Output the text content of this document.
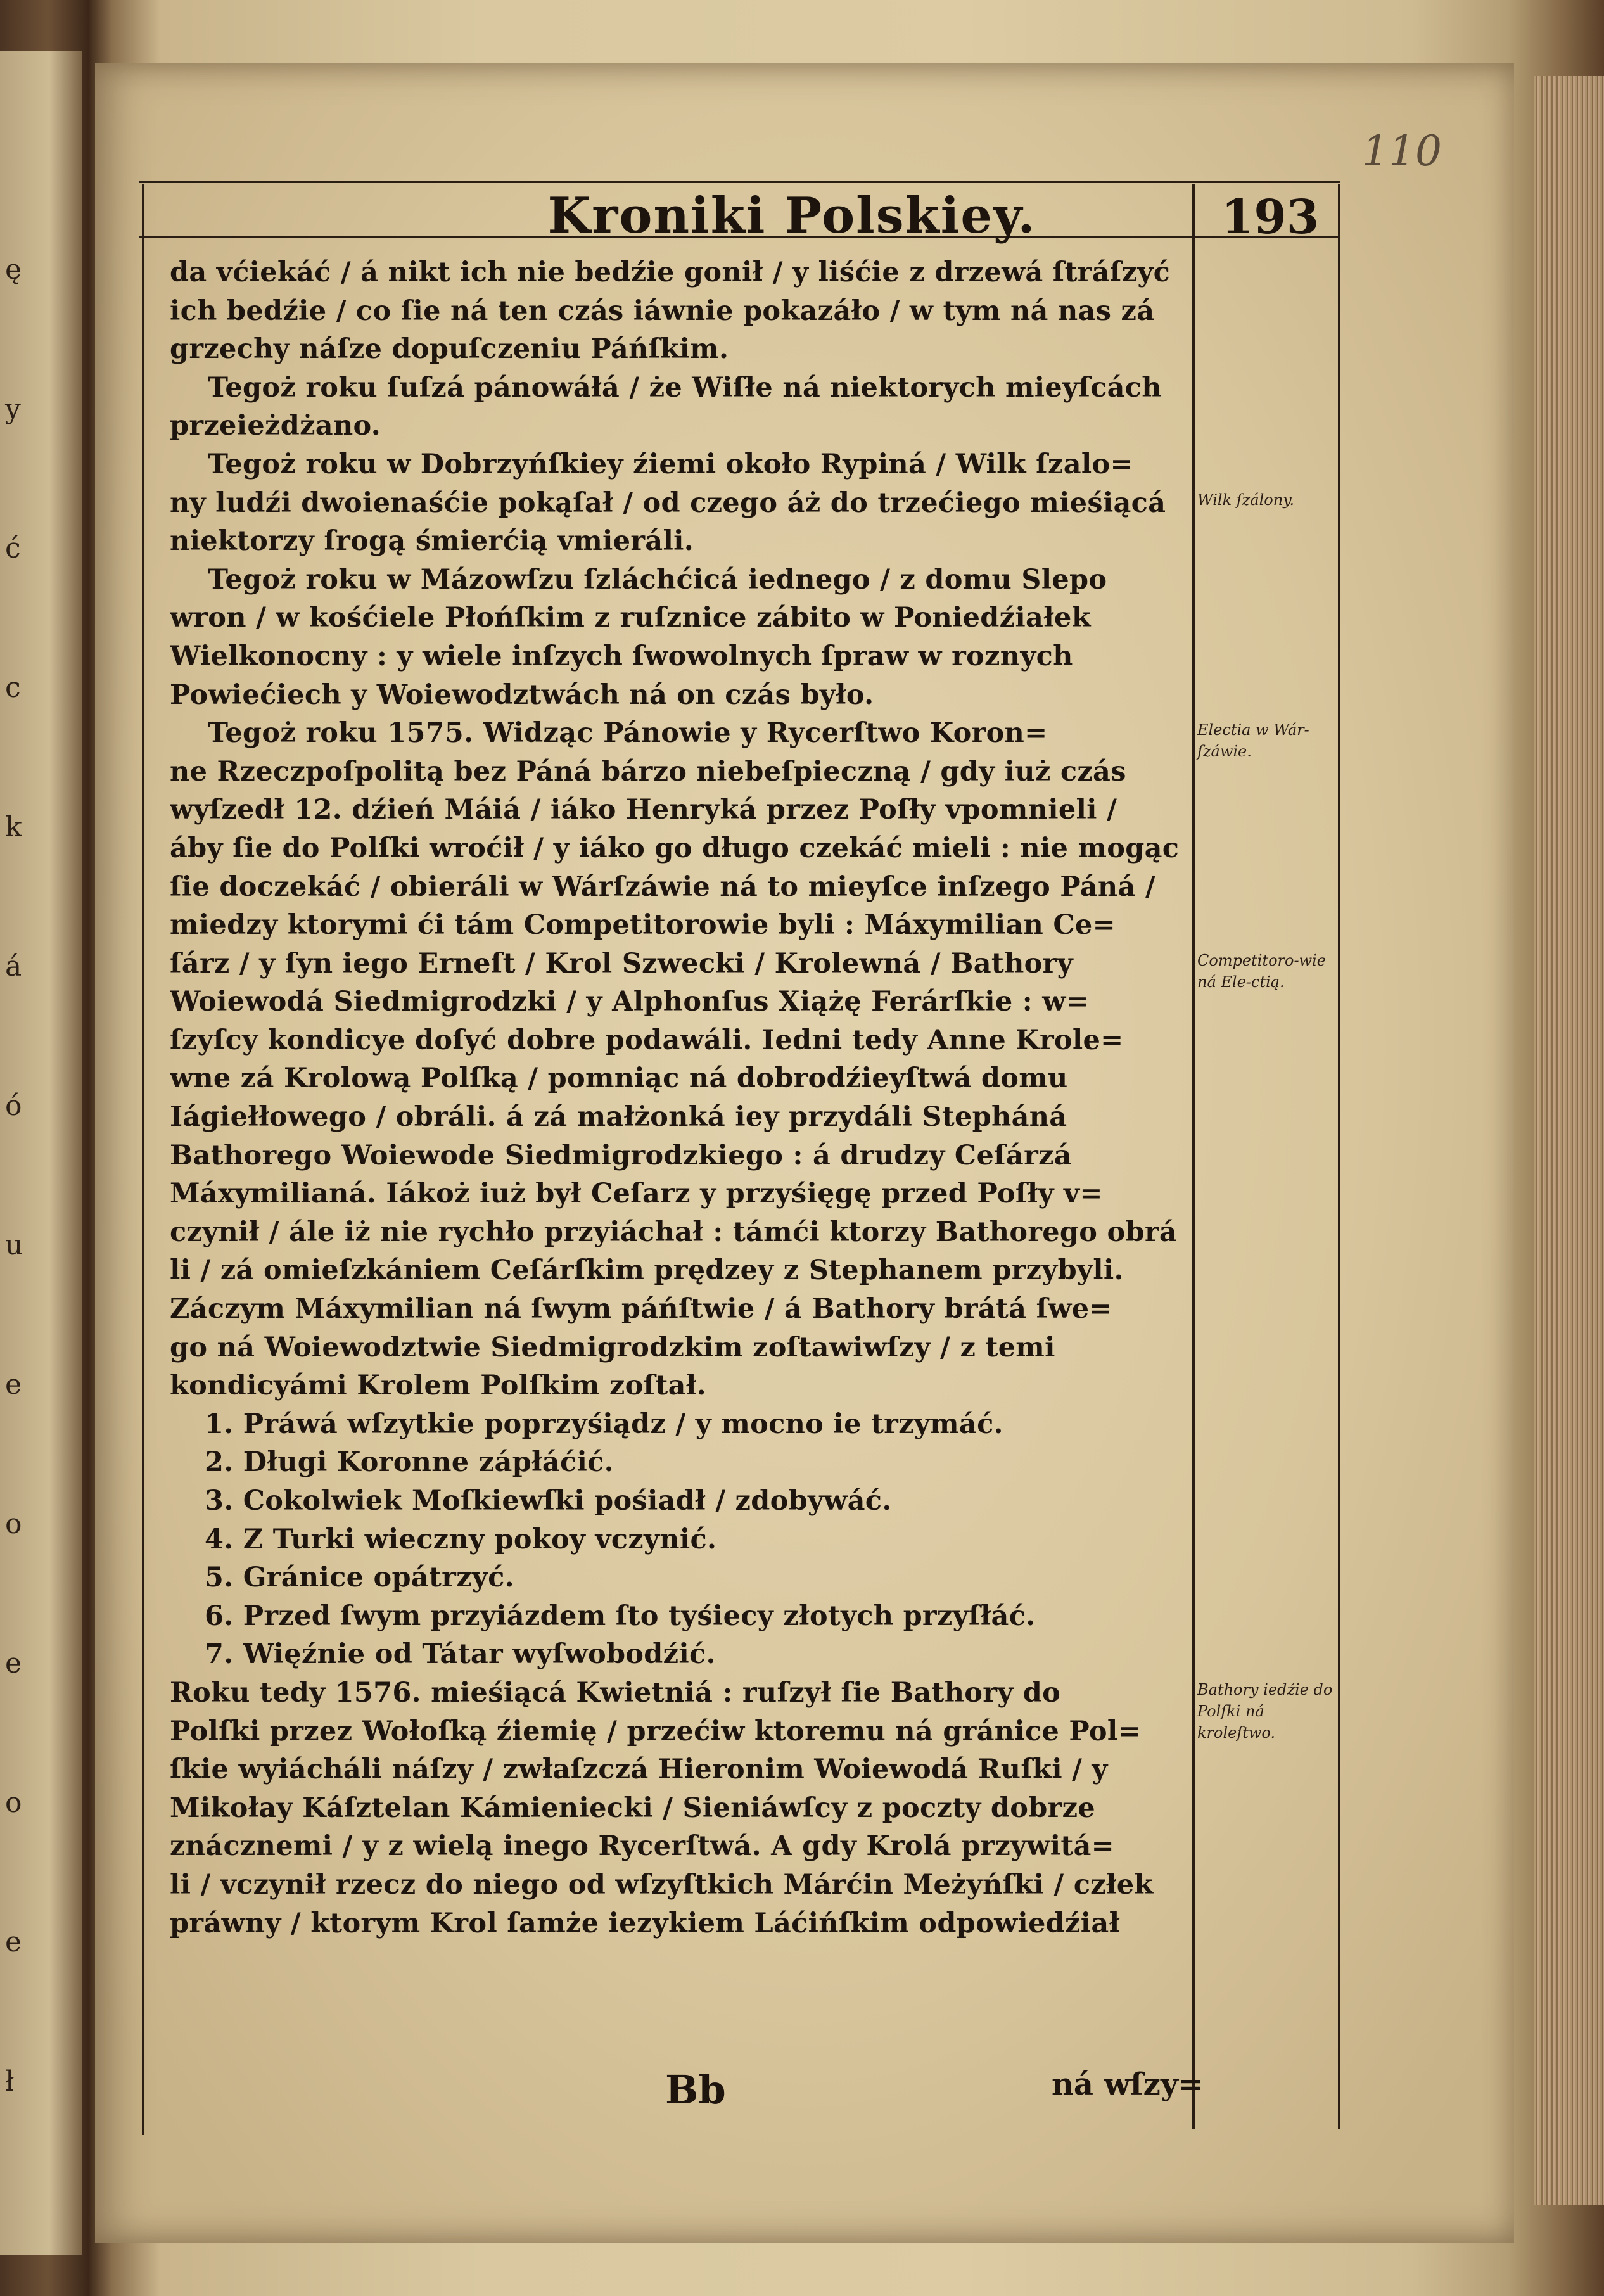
ę
y
ć
c
k
á
ó
u
e
o
e
o
e
ł
110
Kroniki Polskiey.	193
da vćiekáć / á nikt ich nie bedźie gonił / y liśćie z drzewá ſtráſzyć
ich bedźie / co ſie ná ten czás iáwnie pokazáło / w tym ná nas zá
grzechy náſze dopuſczeniu Páńſkim.
Tegoż roku ſuſzá pánowáłá / że Wiſłe ná niektorych mieyſcách
przeieżdżano.
Tegoż roku w Dobrzyńſkiey źiemi około Rypiná / Wilk ſzalo=
ny ludźi dwoienaśćie pokąſał / od czego áż do trzećiego mieśiącá
niektorzy ſrogą śmierćią vmieráli.
Tegoż roku w Mázowſzu ſzláchćicá iednego / z domu Slepo
wron / w kośćiele Płońſkim z ruſznice zábito w Poniedźiałek
Wielkonocny : y wiele inſzych ſwowolnych ſpraw w roznych
Powiećiech y Woiewodztwách ná on czás było.
Tegoż roku 1575. Widząc Pánowie y Rycerſtwo Koron=
ne Rzeczpoſpolitą bez Páná bárzo niebeſpieczną / gdy iuż czás
wyſzedł 12. dźień Máiá / iáko Henryká przez Poſły vpomnieli /
áby ſie do Polſki wroćił / y iáko go długo czekáć mieli : nie mogąc
ſie doczekáć / obieráli w Wárſzáwie ná to mieyſce inſzego Páná /
miedzy ktorymi ći tám Competitorowie byli : Máxymilian Ce=
ſárz / y ſyn iego Erneſt / Krol Szwecki / Krolewná / Bathory
Woiewodá Siedmigrodzki / y Alphonſus Xiążę Ferárſkie : w=
ſzyſcy kondicye doſyć dobre podawáli. Iedni tedy Anne Krole=
wne zá Krolową Polſką / pomniąc ná dobrodźieyſtwá domu
Iágiełłowego / obráli. á zá małżonká iey przydáli Stepháná
Bathorego Woiewode Siedmigrodzkiego : á drudzy Ceſárzá
Máxymilianá. Iákoż iuż był Ceſarz y przyśięgę przed Poſły v=
czynił / ále iż nie rychło przyiáchał : támći ktorzy Bathorego obrá
li / zá omieſzkániem Ceſárſkim prędzey z Stephanem przybyli.
Záczym Máxymilian ná ſwym páńſtwie / á Bathory brátá ſwe=
go ná Woiewodztwie Siedmigrodzkim zoſtawiwſzy / z temi
kondicyámi Krolem Polſkim zoſtał.
1. Práwá wſzytkie poprzyśiądz / y mocno ie trzymáć.
2. Długi Koronne zápłáćić.
3. Cokolwiek Moſkiewſki pośiadł / zdobywáć.
4. Z Turki wieczny pokoy vczynić.
5. Gránice opátrzyć.
6. Przed ſwym przyiázdem ſto tyśiecy złotych przyſłáć.
7. Więźnie od Tátar wyſwobodźić.
Roku tedy 1576. mieśiącá Kwietniá : ruſzył ſie Bathory do
Polſki przez Wołoſką źiemię / przećiw ktoremu ná gránice Pol=
ſkie wyiácháli náſzy / zwłaſzczá Hieronim Woiewodá Ruſki / y
Mikołay Káſztelan Kámieniecki / Sieniáwſcy z poczty dobrze
znácznemi / y z wielą inego Rycerſtwá. A gdy Krolá przywitá=
li / vczynił rzecz do niego od wſzyſtkich Márćin Meżyńſki / człek
práwny / ktorym Krol ſamże iezykiem Láćińſkim odpowiedźiał
Wilk ſzálony.
Electia w Wár-ſzáwie.
Competitoro-wie ná Ele-ctią.
Bathory iedźie do Polſki ná kroleſtwo.
Bb	ná wſzy=
